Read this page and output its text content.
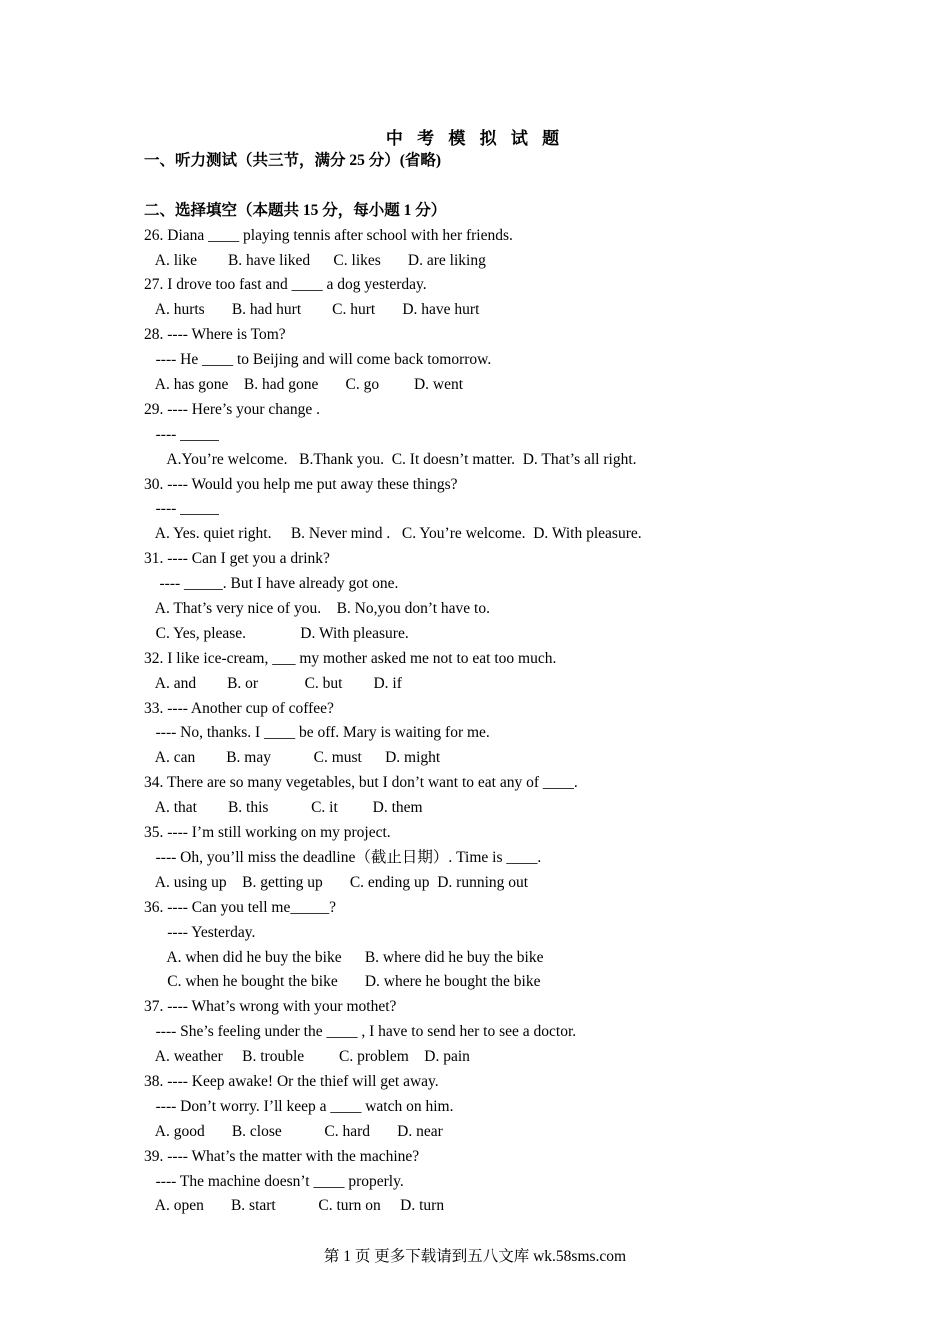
中 考 模 拟 试 题
一、听力测试（共三节，满分 25 分）(省略)
二、选择填空（本题共 15 分，每小题 1 分）
26. Diana ____ playing tennis after school with her friends.
A. like        B. have liked      C. likes       D. are liking
27. I drove too fast and ____ a dog yesterday.
A. hurts       B. had hurt        C. hurt       D. have hurt
28. ---- Where is Tom?
---- He ____ to Beijing and will come back tomorrow.
A. has gone    B. had gone       C. go         D. went
29. ---- Here’s your change .
---- _____
A.You’re welcome.   B.Thank you.  C. It doesn’t matter.  D. That’s all right.
30. ---- Would you help me put away these things?
---- _____
A. Yes. quiet right.     B. Never mind .   C. You’re welcome.  D. With pleasure.
31. ---- Can I get you a drink?
---- _____. But I have already got one.
A. That’s very nice of you.    B. No,you don’t have to.
C. Yes, please.              D. With pleasure.
32. I like ice-cream, ___ my mother asked me not to eat too much.
A. and        B. or            C. but        D. if
33. ---- Another cup of coffee?
---- No, thanks. I ____ be off. Mary is waiting for me.
A. can        B. may           C. must      D. might
34. There are so many vegetables, but I don’t want to eat any of ____.
A. that        B. this           C. it         D. them
35. ---- I’m still working on my project.
---- Oh, you’ll miss the deadline（截止日期）. Time is ____.
A. using up    B. getting up       C. ending up  D. running out
36. ---- Can you tell me_____?
---- Yesterday.
A. when did he buy the bike      B. where did he buy the bike
C. when he bought the bike       D. where he bought the bike
37. ---- What’s wrong with your mothet?
---- She’s feeling under the ____ , I have to send her to see a doctor.
A. weather     B. trouble         C. problem    D. pain
38. ---- Keep awake! Or the thief will get away.
---- Don’t worry. I’ll keep a ____ watch on him.
A. good       B. close           C. hard       D. near
39. ---- What’s the matter with the machine?
---- The machine doesn’t ____ properly.
A. open       B. start           C. turn on     D. turn
第 1 页 更多下载请到五八文库 wk.58sms.com
